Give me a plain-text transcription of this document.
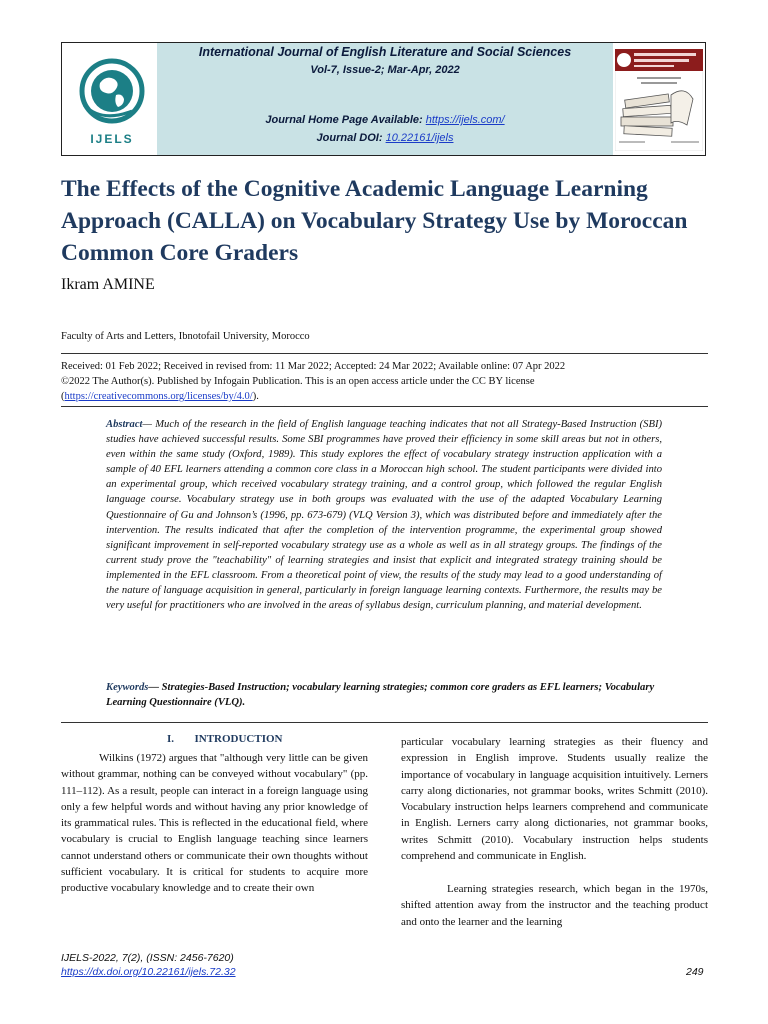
IJELS
International Journal of English Literature and Social Sciences
Vol-7, Issue-2; Mar-Apr, 2022
Journal Home Page Available: https://ijels.com/
Journal DOI: 10.22161/ijels
The Effects of the Cognitive Academic Language Learning Approach (CALLA) on Vocabulary Strategy Use by Moroccan Common Core Graders
Ikram AMINE
Faculty of Arts and Letters, Ibnotofail University, Morocco
Received: 01 Feb 2022; Received in revised from: 11 Mar 2022; Accepted: 24 Mar 2022; Available online: 07 Apr 2022
©2022 The Author(s). Published by Infogain Publication. This is an open access article under the CC BY license
(https://creativecommons.org/licenses/by/4.0/).

Abstract— Much of the research in the field of English language teaching indicates that not all Strategy-Based Instruction (SBI) studies have achieved successful results. Some SBI programmes have proved their efficiency in some skill areas but not in others, even within the same study (Oxford, 1989). This study explores the effect of vocabulary strategy instruction application with a sample of 40 EFL learners attending a common core class in a Moroccan high school. The student participants were divided into an experimental group, which received vocabulary strategy training, and a control group, which followed the regular English language course. Vocabulary strategy use in both groups was evaluated with the use of the adapted Vocabulary Learning Questionnaire of Gu and Johnson’s (1996, pp. 673-679) (VLQ Version 3), which was distributed before and immediately after the intervention. The results indicated that after the completion of the intervention programme, the experimental group showed significant improvement in self-reported vocabulary strategy use as a whole as well as in all strategy groups. The findings of the current study prove the "teachability" of learning strategies and insist that explicit and integrated strategy training should be implemented in the EFL classroom. From a theoretical point of view, the results of the study may lead to a good understanding of the nature of language acquisition in general, particularly in foreign language learning contexts. Furthermore, the results may be very useful for practitioners who are involved in the areas of syllabus design, curriculum planning, and material development.

Keywords— Strategies-Based Instruction; vocabulary learning strategies; common core graders as EFL learners; Vocabulary Learning Questionnaire (VLQ).

I. INTRODUCTION

Wilkins (1972) argues that "although very little can be given without grammar, nothing can be conveyed without vocabulary" (pp. 111–112). As a result, people can interact in a foreign language using only a few helpful words and without having any prior knowledge of its grammatical rules. This is reflected in the educational field, where vocabulary is crucial to English language teaching since learners cannot understand others or communicate their own thoughts without sufficient vocabulary. It is critical for students to acquire more productive vocabulary knowledge and to create their own

particular vocabulary learning strategies as their fluency and expression in English improve. Students usually realize the importance of vocabulary in language acquisition intuitively. Lerners carry along dictionaries, not grammar books, writes Schmitt (2010). Vocabulary instruction helps learners comprehend and communicate in English. Lerners carry along dictionaries, not grammar books, writes Schmitt (2010). Vocabulary instruction helps students comprehend and communicate in English.

Learning strategies research, which began in the 1970s, shifted attention away from the instructor and the teaching product and onto the learner and the learning

IJELS-2022, 7(2), (ISSN: 2456-7620)
https://dx.doi.org/10.22161/ijels.72.32	249
